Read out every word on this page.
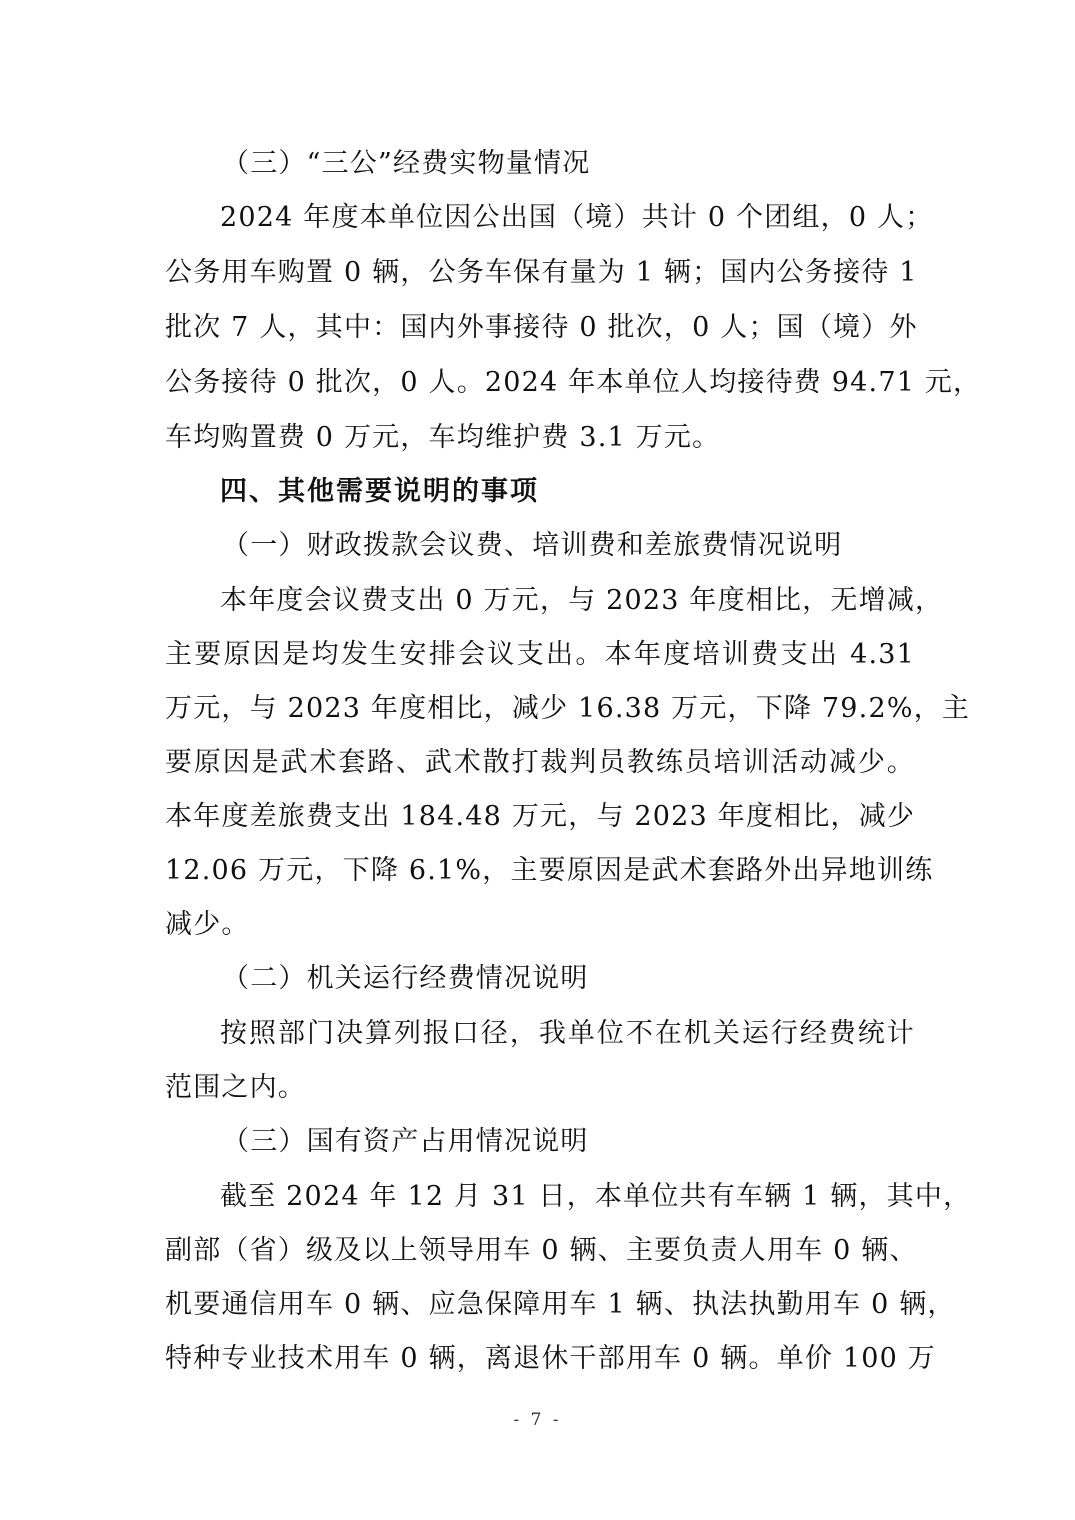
（三）“三公”经费实物量情况
2024 年度本单位因公出国（境）共计 0 个团组，0 人；
公务用车购置 0 辆，公务车保有量为 1 辆；国内公务接待 1
批次 7 人，其中：国内外事接待 0 批次，0 人；国（境）外
公务接待 0 批次，0 人。2024 年本单位人均接待费 94.71 元，
车均购置费 0 万元，车均维护费 3.1 万元。
四、其他需要说明的事项
（一）财政拨款会议费、培训费和差旅费情况说明
本年度会议费支出 0 万元，与 2023 年度相比，无增减，
主要原因是均发生安排会议支出。本年度培训费支出 4.31
万元，与 2023 年度相比，减少 16.38 万元，下降 79.2%，主
要原因是武术套路、武术散打裁判员教练员培训活动减少。
本年度差旅费支出 184.48 万元，与 2023 年度相比，减少
12.06 万元，下降 6.1%，主要原因是武术套路外出异地训练
减少。
（二）机关运行经费情况说明
按照部门决算列报口径，我单位不在机关运行经费统计
范围之内。
（三）国有资产占用情况说明
截至 2024 年 12 月 31 日，本单位共有车辆 1 辆，其中，
副部（省）级及以上领导用车 0 辆、主要负责人用车 0 辆、
机要通信用车 0 辆、应急保障用车 1 辆、执法执勤用车 0 辆，
特种专业技术用车 0 辆，离退休干部用车 0 辆。单价 100 万
- 7 -
